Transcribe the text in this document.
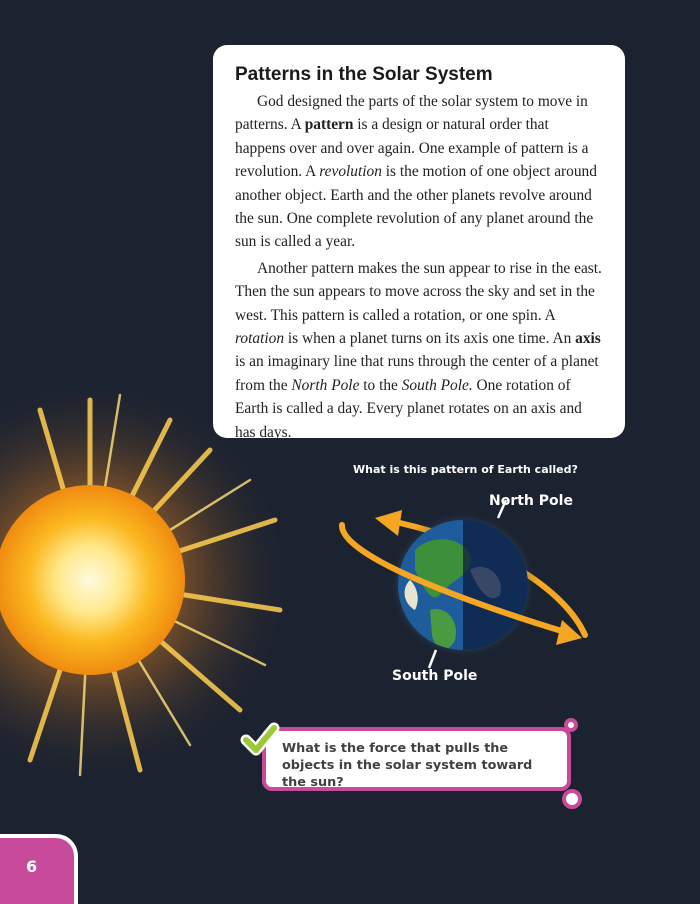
Patterns in the Solar System

God designed the parts of the solar system to move in patterns. A pattern is a design or natural order that happens over and over again. One example of pattern is a revolution. A revolution is the motion of one object around another object. Earth and the other planets revolve around the sun. One complete revolution of any planet around the sun is called a year.

Another pattern makes the sun appear to rise in the east. Then the sun appears to move across the sky and set in the west. This pattern is called a rotation, or one spin. A rotation is when a planet turns on its axis one time. An axis is an imaginary line that runs through the center of a planet from the North Pole to the South Pole. One rotation of Earth is called a day. Every planet rotates on an axis and has days.

What is this pattern of Earth called?
North Pole
South Pole
What is the force that pulls the objects in the solar system toward the sun?
6
